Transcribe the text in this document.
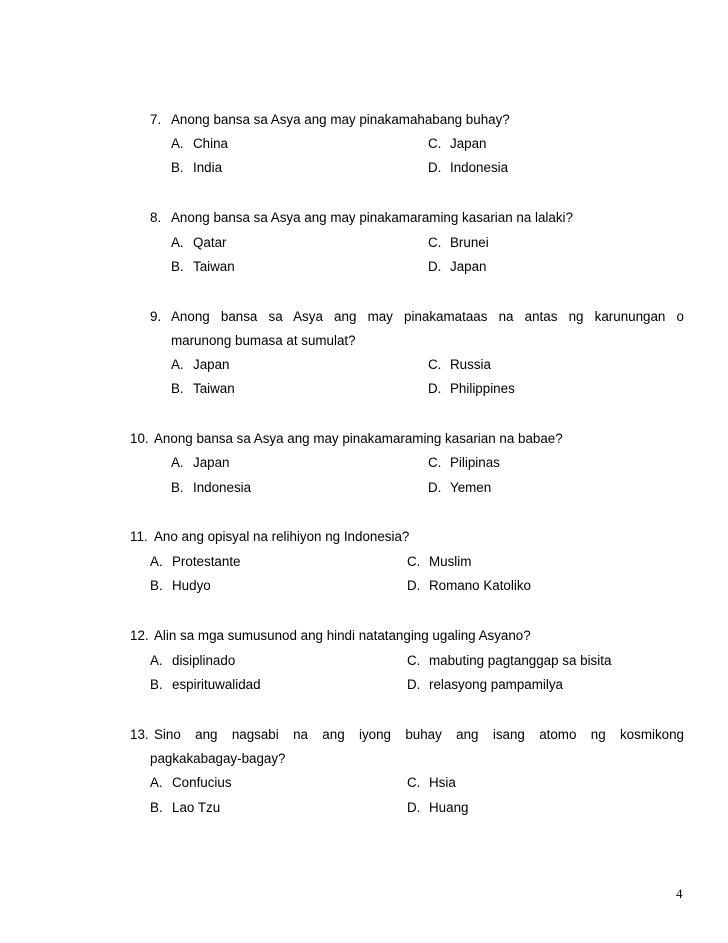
7. Anong bansa sa Asya ang may pinakamahabang buhay?
A. China	C. Japan
B. India	D. Indonesia
8. Anong bansa sa Asya ang may pinakamaraming kasarian na lalaki?
A. Qatar	C. Brunei
B. Taiwan	D. Japan
9. Anong bansa sa Asya ang may pinakamataas na antas ng karunungan o
marunong bumasa at sumulat?
A. Japan	C. Russia
B. Taiwan	D. Philippines
10. Anong bansa sa Asya ang may pinakamaraming kasarian na babae?
A. Japan	C. Pilipinas
B. Indonesia	D. Yemen
11. Ano ang opisyal na relihiyon ng Indonesia?
A. Protestante	C. Muslim
B. Hudyo	D. Romano Katoliko
12. Alin sa mga sumusunod ang hindi natatanging ugaling Asyano?
A. disiplinado	C. mabuting pagtanggap sa bisita
B. espirituwalidad	D. relasyong pampamilya
13. Sino ang nagsabi na ang iyong buhay ang isang atomo ng kosmikong
pagkakabagay-bagay?
A. Confucius	C. Hsia
B. Lao Tzu	D. Huang
4
